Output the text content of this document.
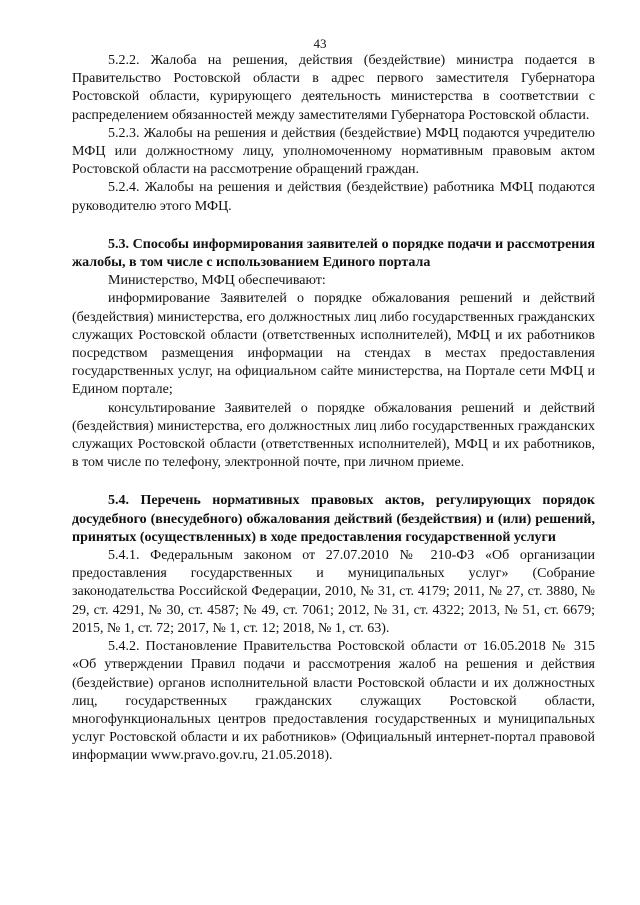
43

5.2.2. Жалоба на решения, действия (бездействие) министра подается в Правительство Ростовской области в адрес первого заместителя Губернатора Ростовской области, курирующего деятельность министерства в соответствии с распределением обязанностей между заместителями Губернатора Ростовской области.

5.2.3. Жалобы на решения и действия (бездействие) МФЦ подаются учредителю МФЦ или должностному лицу, уполномоченному нормативным правовым актом Ростовской области на рассмотрение обращений граждан.

5.2.4. Жалобы на решения и действия (бездействие) работника МФЦ подаются руководителю этого МФЦ.

5.3. Способы информирования заявителей о порядке подачи и рассмотрения жалобы, в том числе с использованием Единого портала

Министерство, МФЦ обеспечивают:

информирование Заявителей о порядке обжалования решений и действий (бездействия) министерства, его должностных лиц либо государственных гражданских служащих Ростовской области (ответственных исполнителей), МФЦ и их работников посредством размещения информации на стендах в местах предоставления государственных услуг, на официальном сайте министерства, на Портале сети МФЦ и Едином портале;

консультирование Заявителей о порядке обжалования решений и действий (бездействия) министерства, его должностных лиц либо государственных гражданских служащих Ростовской области (ответственных исполнителей), МФЦ и их работников, в том числе по телефону, электронной почте, при личном приеме.

5.4. Перечень нормативных правовых актов, регулирующих порядок досудебного (внесудебного) обжалования действий (бездействия) и (или) решений, принятых (осуществленных) в ходе предоставления государственной услуги

5.4.1. Федеральным законом от 27.07.2010 № 210-ФЗ «Об организации предоставления государственных и муниципальных услуг» (Собрание законодательства Российской Федерации, 2010, № 31, ст. 4179; 2011, № 27, ст. 3880, № 29, ст. 4291, № 30, ст. 4587; № 49, ст. 7061; 2012, № 31, ст. 4322; 2013, № 51, ст. 6679; 2015, № 1, ст. 72; 2017, № 1, ст. 12; 2018, № 1, ст. 63).

5.4.2. Постановление Правительства Ростовской области от 16.05.2018 № 315 «Об утверждении Правил подачи и рассмотрения жалоб на решения и действия (бездействие) органов исполнительной власти Ростовской области и их должностных лиц, государственных гражданских служащих Ростовской области, многофункциональных центров предоставления государственных и муниципальных услуг Ростовской области и их работников» (Официальный интернет-портал правовой информации www.pravo.gov.ru, 21.05.2018).
